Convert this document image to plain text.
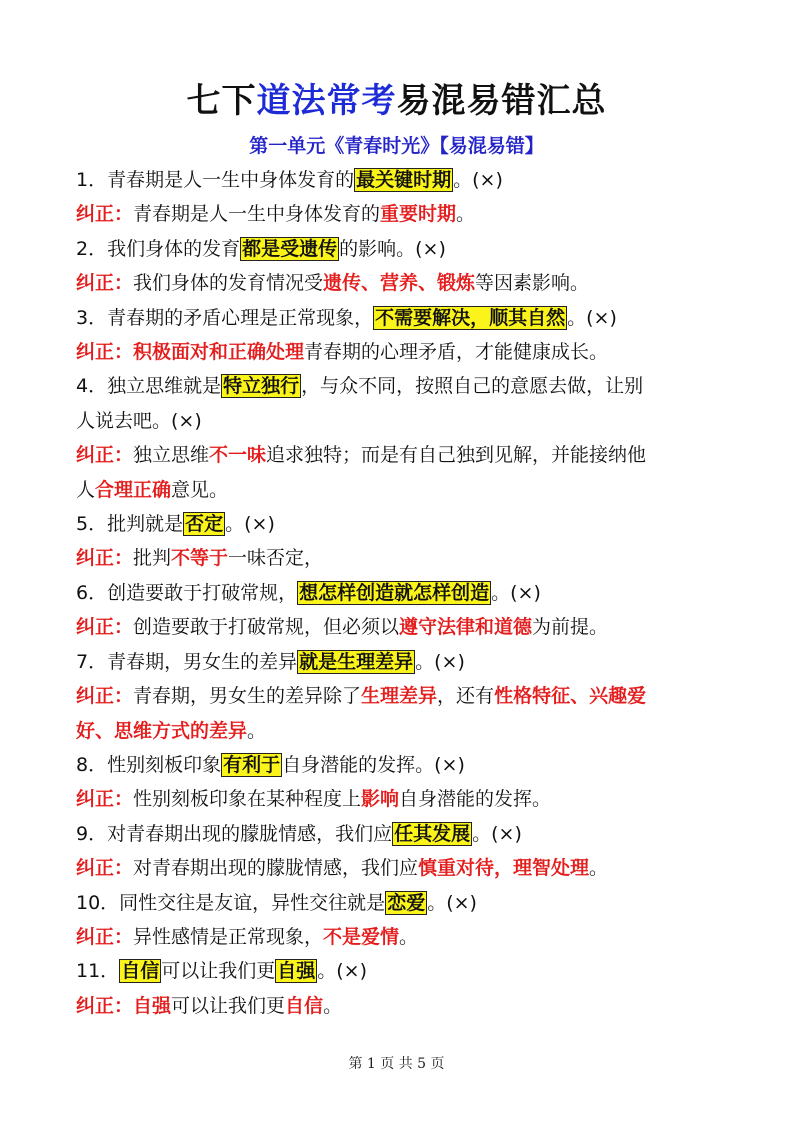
七下道法常考易混易错汇总
第一单元《青春时光》【易混易错】
1．青春期是人一生中身体发育的 最关键时期 。(×)
纠正：青春期是人一生中身体发育的重要时期。
2．我们身体的发育 都是受遗传 的影响。(×)
纠正：我们身体的发育情况受遗传、营养、锻炼等因素影响。
3．青春期的矛盾心理是正常现象， 不需要解决，顺其自然 。(×)
纠正：积极面对和正确处理青春期的心理矛盾，才能健康成长。
4．独立思维就是 特立独行 ，与众不同，按照自己的意愿去做，让别
人说去吧。(×)
纠正：独立思维不一味追求独特；而是有自己独到见解，并能接纳他
人合理正确意见。
5．批判就是 否定 。(×)
纠正：批判不等于一味否定，
6．创造要敢于打破常规， 想怎样创造就怎样创造 。(×)
纠正：创造要敢于打破常规，但必须以遵守法律和道德为前提。
7．青春期，男女生的差异 就是生理差异 。(×)
纠正：青春期，男女生的差异除了生理差异，还有性格特征、兴趣爱
好、思维方式的差异。
8．性别刻板印象 有利于 自身潜能的发挥。(×)
纠正：性别刻板印象在某种程度上影响自身潜能的发挥。
9．对青春期出现的朦胧情感，我们应 任其发展 。(×)
纠正：对青春期出现的朦胧情感，我们应慎重对待，理智处理。
10．同性交往是友谊，异性交往就是 恋爱 。(×)
纠正：异性感情是正常现象，不是爱情。
11． 自信 可以让我们更 自强 。(×)
纠正：自强可以让我们更自信。
第 1 页 共 5 页
